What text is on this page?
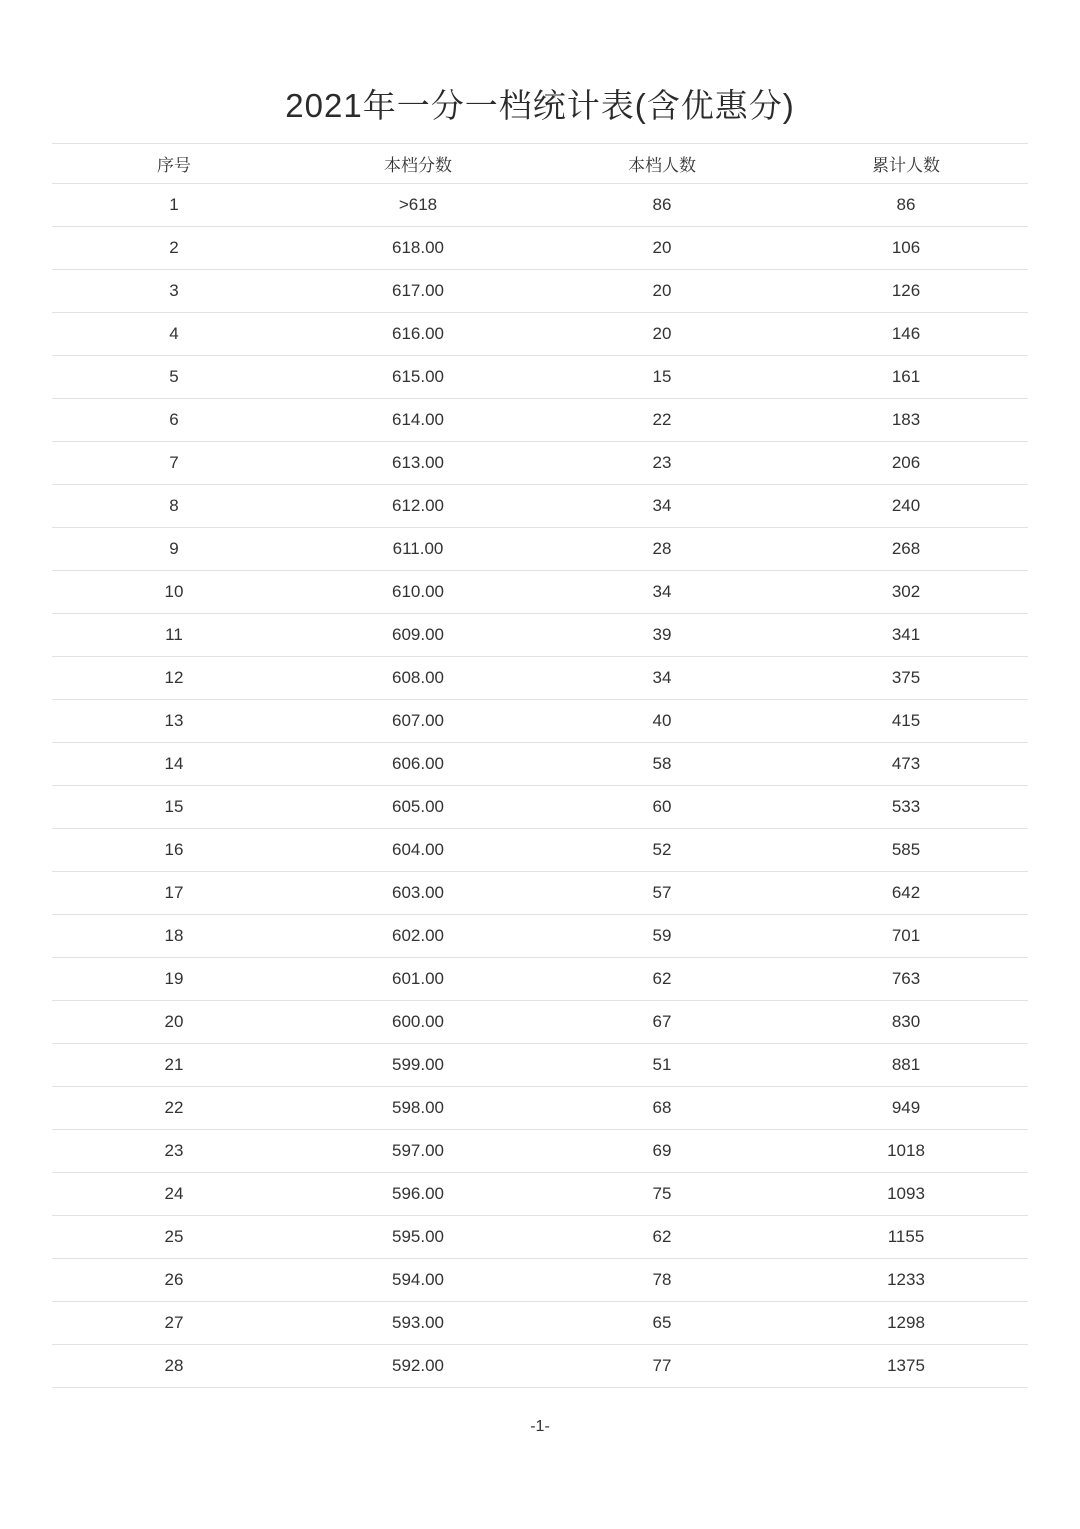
2021年一分一档统计表(含优惠分)
序号	本档分数	本档人数	累计人数
1	>618	86	86
2	618.00	20	106
3	617.00	20	126
4	616.00	20	146
5	615.00	15	161
6	614.00	22	183
7	613.00	23	206
8	612.00	34	240
9	611.00	28	268
10	610.00	34	302
11	609.00	39	341
12	608.00	34	375
13	607.00	40	415
14	606.00	58	473
15	605.00	60	533
16	604.00	52	585
17	603.00	57	642
18	602.00	59	701
19	601.00	62	763
20	600.00	67	830
21	599.00	51	881
22	598.00	68	949
23	597.00	69	1018
24	596.00	75	1093
25	595.00	62	1155
26	594.00	78	1233
27	593.00	65	1298
28	592.00	77	1375
-1-
